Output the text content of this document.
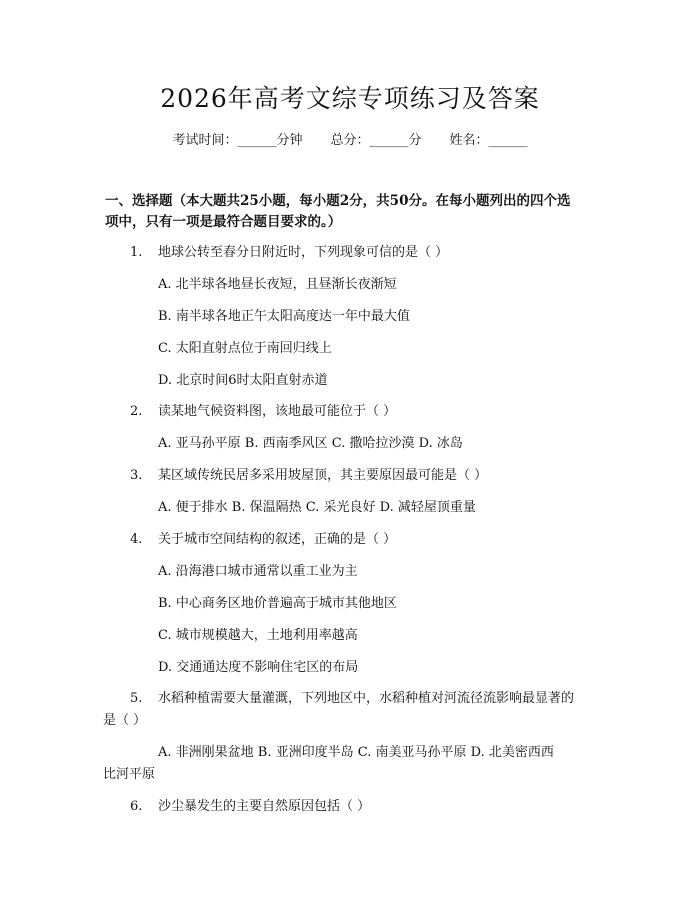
2026年高考文综专项练习及答案
考试时间：______分钟 总分：______分 姓名：______
一、选择题（本大题共25小题，每小题2分，共50分。在每小题列出的四个选
项中，只有一项是最符合题目要求的。）
1. 地球公转至春分日附近时，下列现象可信的是（ ）
A. 北半球各地昼长夜短，且昼渐长夜渐短
B. 南半球各地正午太阳高度达一年中最大值
C. 太阳直射点位于南回归线上
D. 北京时间6时太阳直射赤道
2. 读某地气候资料图，该地最可能位于（ ）
A. 亚马孙平原 B. 西南季风区 C. 撒哈拉沙漠 D. 冰岛
3. 某区域传统民居多采用坡屋顶，其主要原因最可能是（ ）
A. 便于排水 B. 保温隔热 C. 采光良好 D. 减轻屋顶重量
4. 关于城市空间结构的叙述，正确的是（ ）
A. 沿海港口城市通常以重工业为主
B. 中心商务区地价普遍高于城市其他地区
C. 城市规模越大，土地利用率越高
D. 交通通达度不影响住宅区的布局
5. 水稻种植需要大量灌溉，下列地区中，水稻种植对河流径流影响最显著的
是（ ）
A. 非洲刚果盆地 B. 亚洲印度半岛 C. 南美亚马孙平原 D. 北美密西西
比河平原
6. 沙尘暴发生的主要自然原因包括（ ）
